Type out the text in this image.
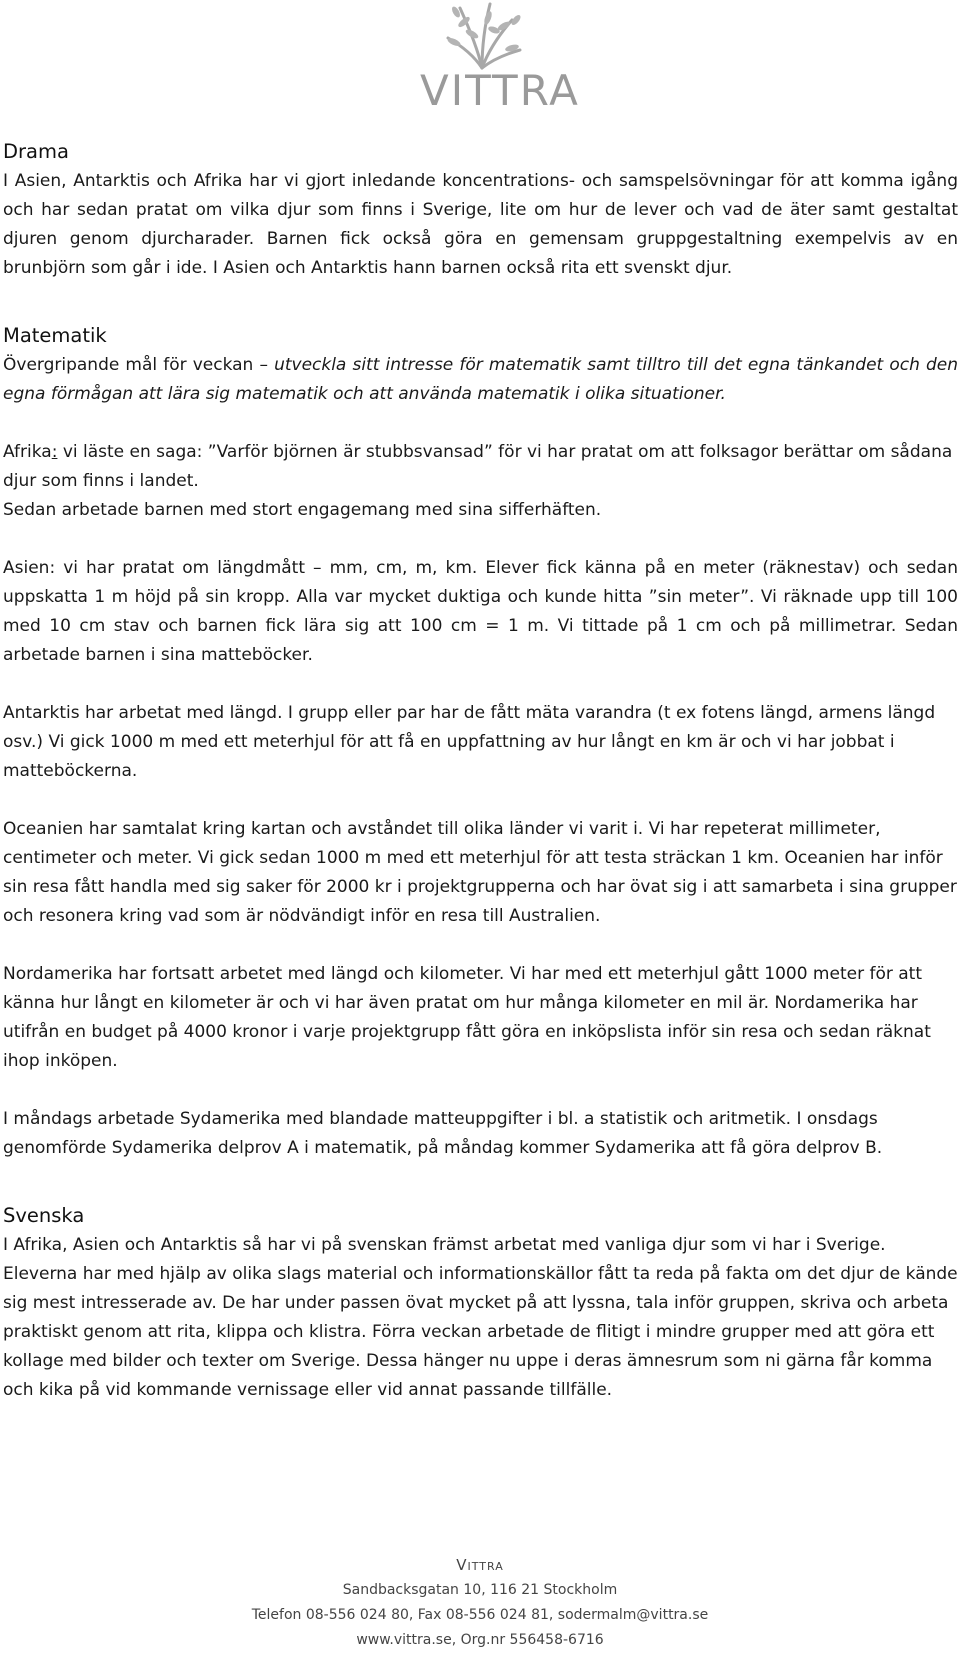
VITTRA
Drama

I Asien, Antarktis och Afrika har vi gjort inledande koncentrations- och samspelsövningar för att komma igång och har sedan pratat om vilka djur som finns i Sverige, lite om hur de lever och vad de äter samt gestaltat djuren genom djurcharader. Barnen fick också göra en gemensam gruppgestaltning exempelvis av en brunbjörn som går i ide. I Asien och Antarktis hann barnen också rita ett svenskt djur.

Matematik

Övergripande mål för veckan – utveckla sitt intresse för matematik samt tilltro till det egna tänkandet och den egna förmågan att lära sig matematik och att använda matematik i olika situationer.

Afrika: vi läste en saga: ”Varför björnen är stubbsvansad” för vi har pratat om att folksagor berättar om sådana djur som finns i landet.

Sedan arbetade barnen med stort engagemang med sina sifferhäften.

Asien: vi har pratat om längdmått – mm, cm, m, km. Elever fick känna på en meter (räknestav) och sedan uppskatta 1 m höjd på sin kropp. Alla var mycket duktiga och kunde hitta ”sin meter”. Vi räknade upp till 100 med 10 cm stav och barnen fick lära sig att 100 cm = 1 m. Vi tittade på 1 cm och på millimetrar. Sedan arbetade barnen i sina matteböcker.

Antarktis har arbetat med längd. I grupp eller par har de fått mäta varandra (t ex fotens längd, armens längd osv.) Vi gick 1000 m med ett meterhjul för att få en uppfattning av hur långt en km är och vi har jobbat i matteböckerna.

Oceanien har samtalat kring kartan och avståndet till olika länder vi varit i. Vi har repeterat millimeter, centimeter och meter. Vi gick sedan 1000 m med ett meterhjul för att testa sträckan 1 km. Oceanien har inför sin resa fått handla med sig saker för 2000 kr i projektgrupperna och har övat sig i att samarbeta i sina grupper och resonera kring vad som är nödvändigt inför en resa till Australien.

Nordamerika har fortsatt arbetet med längd och kilometer. Vi har med ett meterhjul gått 1000 meter för att känna hur långt en kilometer är och vi har även pratat om hur många kilometer en mil är. Nordamerika har utifrån en budget på 4000 kronor i varje projektgrupp fått göra en inköpslista inför sin resa och sedan räknat ihop inköpen.

I måndags arbetade Sydamerika med blandade matteuppgifter i bl. a statistik och aritmetik. I onsdags genomförde Sydamerika delprov A i matematik, på måndag kommer Sydamerika att få göra delprov B.

Svenska

I Afrika, Asien och Antarktis så har vi på svenskan främst arbetat med vanliga djur som vi har i Sverige. Eleverna har med hjälp av olika slags material och informationskällor fått ta reda på fakta om det djur de kände sig mest intresserade av. De har under passen övat mycket på att lyssna, tala inför gruppen, skriva och arbeta praktiskt genom att rita, klippa och klistra. Förra veckan arbetade de flitigt i mindre grupper med att göra ett kollage med bilder och texter om Sverige. Dessa hänger nu uppe i deras ämnesrum som ni gärna får komma och kika på vid kommande vernissage eller vid annat passande tillfälle.

Vittra
Sandbacksgatan 10, 116 21 Stockholm
Telefon 08-556 024 80, Fax 08-556 024 81, sodermalm@vittra.se
www.vittra.se, Org.nr 556458-6716
